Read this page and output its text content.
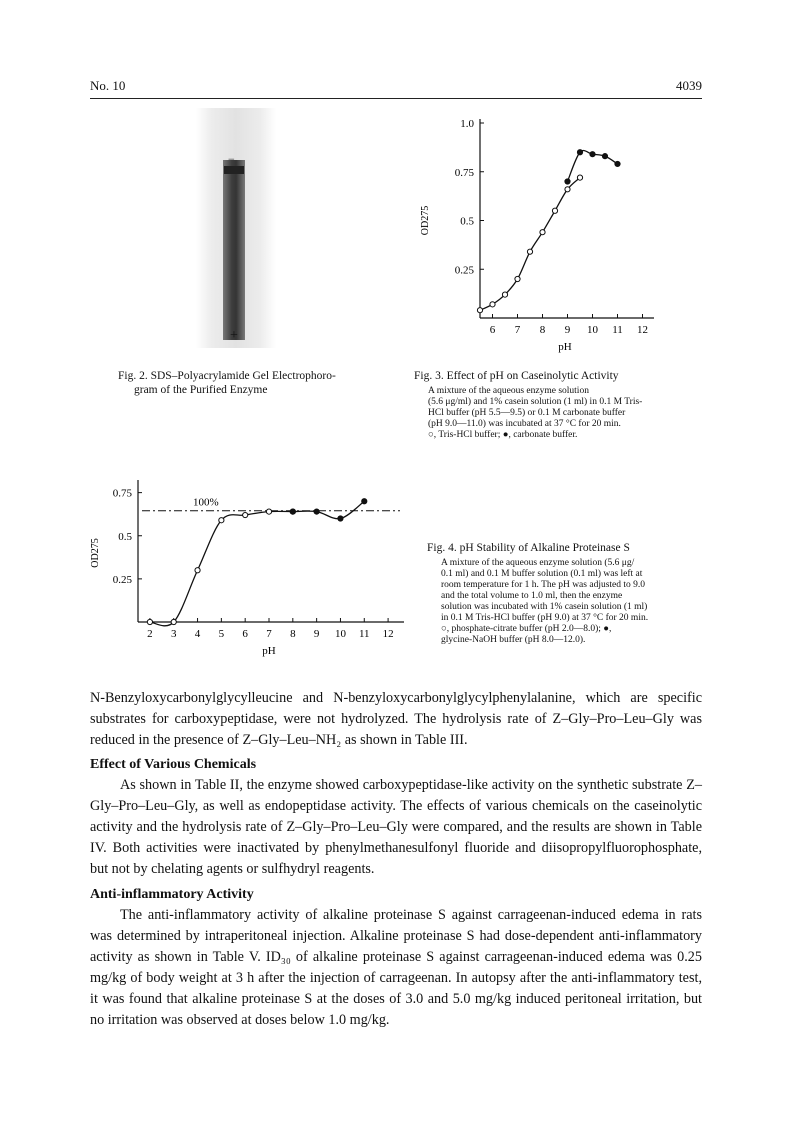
No. 10	4039
−
+
Fig. 2. SDS–Polyacrylamide Gel Electrophoro-
gram of the Purified Enzyme
6 7 8 9 10 11 12
0.25
0.5
0.75
1.0
pH
OD275
Fig. 3. Effect of pH on Caseinolytic Activity
A mixture of the aqueous enzyme solution
(5.6 μg/ml) and 1% casein solution (1 ml) in 0.1 M Tris-
HCl buffer (pH 5.5—9.5) or 0.1 M carbonate buffer
(pH 9.0—11.0) was incubated at 37 °C for 20 min.
○, Tris-HCl buffer; ●, carbonate buffer.
2 3 4 5 6 7 8 9 10 11 12
0.25
0.5
0.75
pH
OD275
100%
Fig. 4. pH Stability of Alkaline Proteinase S
A mixture of the aqueous enzyme solution (5.6 μg/
0.1 ml) and 0.1 M buffer solution (0.1 ml) was left at
room temperature for 1 h. The pH was adjusted to 9.0
and the total volume to 1.0 ml, then the enzyme
solution was incubated with 1% casein solution (1 ml)
in 0.1 M Tris-HCl buffer (pH 9.0) at 37 °C for 20 min.
○, phosphate-citrate buffer (pH 2.0—8.0); ●,
glycine-NaOH buffer (pH 8.0—12.0).

N-Benzyloxycarbonylglycylleucine and N-benzyloxycarbonylglycylphenylalanine, which are specific substrates for carboxypeptidase, were not hydrolyzed. The hydrolysis rate of Z–Gly–Pro–Leu–Gly was reduced in the presence of Z–Gly–Leu–NH₂ as shown in Table III.

Effect of Various Chemicals

As shown in Table II, the enzyme showed carboxypeptidase-like activity on the synthetic substrate Z–Gly–Pro–Leu–Gly, as well as endopeptidase activity. The effects of various chemicals on the caseinolytic activity and the hydrolysis rate of Z–Gly–Pro–Leu–Gly were compared, and the results are shown in Table IV. Both activities were inactivated by phenylmethanesulfonyl fluoride and diisopropylfluorophosphate, but not by chelating agents or sulfhydryl reagents.

Anti-inflammatory Activity

The anti-inflammatory activity of alkaline proteinase S against carrageenan-induced edema in rats was determined by intraperitoneal injection. Alkaline proteinase S had dose-dependent anti-inflammatory activity as shown in Table V. ID₃₀ of alkaline proteinase S against carrageenan-induced edema was 0.25 mg/kg of body weight at 3 h after the injection of carrageenan. In autopsy after the anti-inflammatory test, it was found that alkaline proteinase S at the doses of 3.0 and 5.0 mg/kg induced peritoneal irritation, but no irritation was observed at doses below 1.0 mg/kg.
